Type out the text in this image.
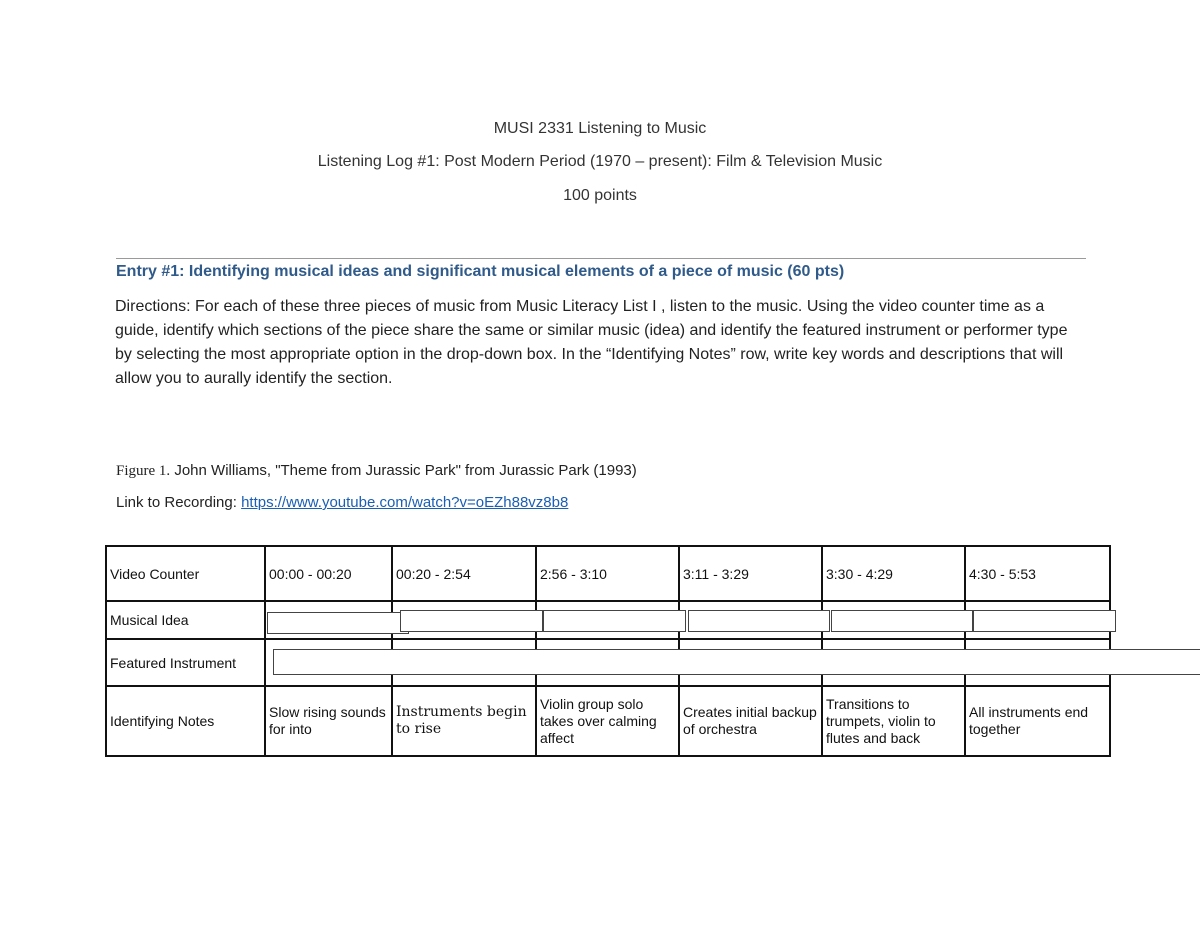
MUSI 2331 Listening to Music
Listening Log #1: Post Modern Period (1970 – present): Film & Television Music
100 points
Entry #1: Identifying musical ideas and significant musical elements of a piece of music (60 pts)
Directions: For each of these three pieces of music from Music Literacy List I , listen to the music. Using the video counter time as a guide, identify which sections of the piece share the same or similar music (idea) and identify the featured instrument or performer type by selecting the most appropriate option in the drop-down box. In the “Identifying Notes” row, write key words and descriptions that will allow you to aurally identify the section.
Figure 1. John Williams, "Theme from Jurassic Park" from Jurassic Park (1993)
Link to Recording: https://www.youtube.com/watch?v=oEZh88vz8b8
Video Counter	00:00 - 00:20	00:20 - 2:54	2:56 - 3:10	3:11 - 3:29	3:30 - 4:29	4:30 - 5:53
Musical Idea						
Featured Instrument						
Identifying Notes	Slow rising sounds for into	Instruments begin to rise	Violin group solo takes over calming affect	Creates initial backup of orchestra	Transitions to trumpets, violin to flutes and back	All instruments end together
